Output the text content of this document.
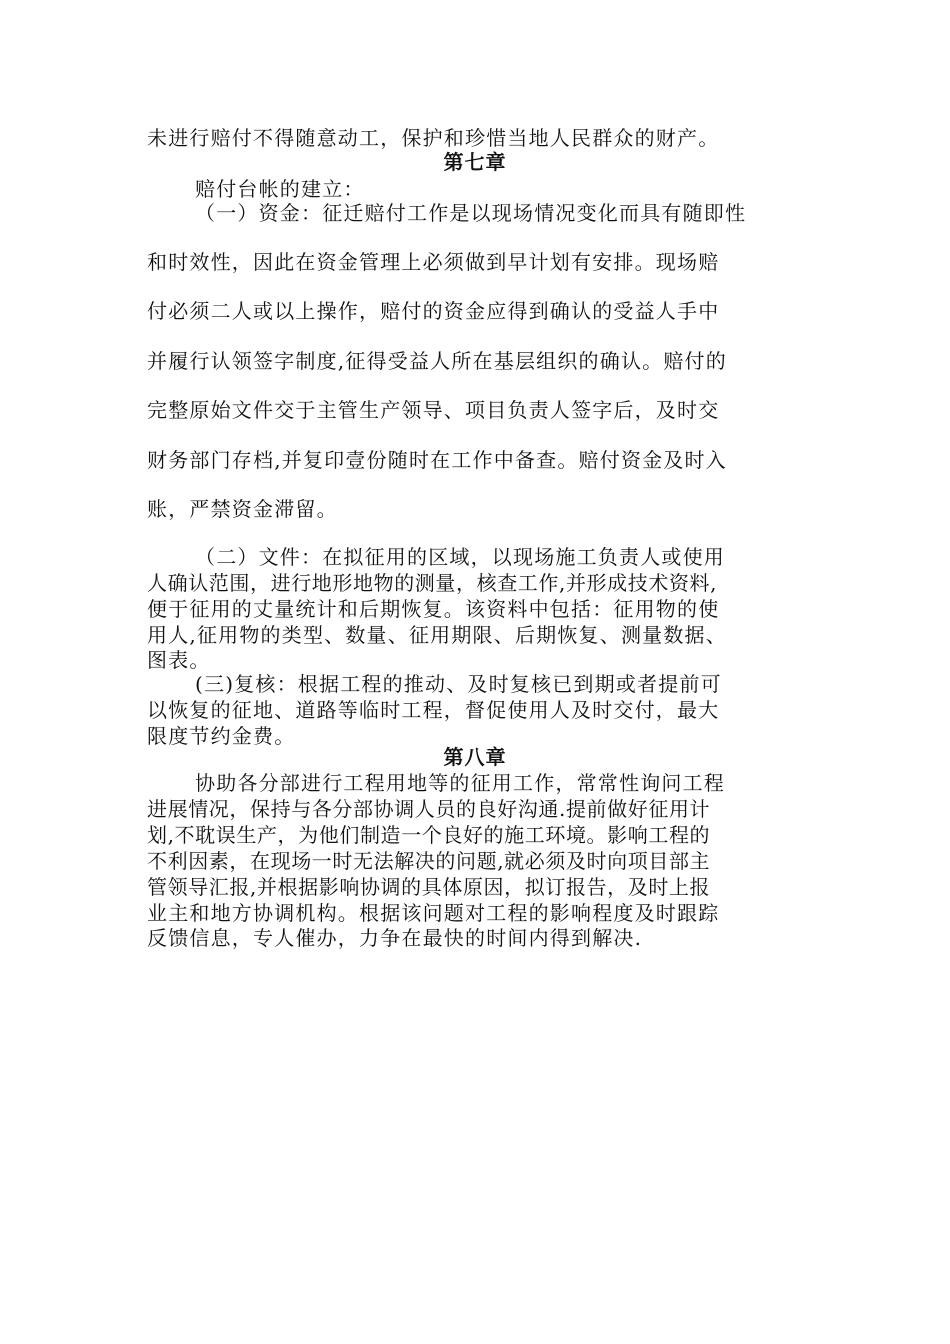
未进行赔付不得随意动工，保护和珍惜当地人民群众的财产。
第七章
赔付台帐的建立：
（一）资金：征迁赔付工作是以现场情况变化而具有随即性
和时效性，因此在资金管理上必须做到早计划有安排。现场赔
付必须二人或以上操作，赔付的资金应得到确认的受益人手中
并履行认领签字制度,征得受益人所在基层组织的确认。赔付的
完整原始文件交于主管生产领导、项目负责人签字后，及时交
财务部门存档,并复印壹份随时在工作中备查。赔付资金及时入
账，严禁资金滞留。
（二）文件：在拟征用的区域，以现场施工负责人或使用
人确认范围，进行地形地物的测量，核查工作,并形成技术资料,
便于征用的丈量统计和后期恢复。该资料中包括：征用物的使
用人,征用物的类型、数量、征用期限、后期恢复、测量数据、
图表。
(三)复核：根据工程的推动、及时复核已到期或者提前可
以恢复的征地、道路等临时工程，督促使用人及时交付，最大
限度节约金费。
第八章
协助各分部进行工程用地等的征用工作，常常性询问工程
进展情况，保持与各分部协调人员的良好沟通.提前做好征用计
划,不耽误生产，为他们制造一个良好的施工环境。影响工程的
不利因素，在现场一时无法解决的问题,就必须及时向项目部主
管领导汇报,并根据影响协调的具体原因，拟订报告，及时上报
业主和地方协调机构。根据该问题对工程的影响程度及时跟踪
反馈信息，专人催办，力争在最快的时间内得到解决.
